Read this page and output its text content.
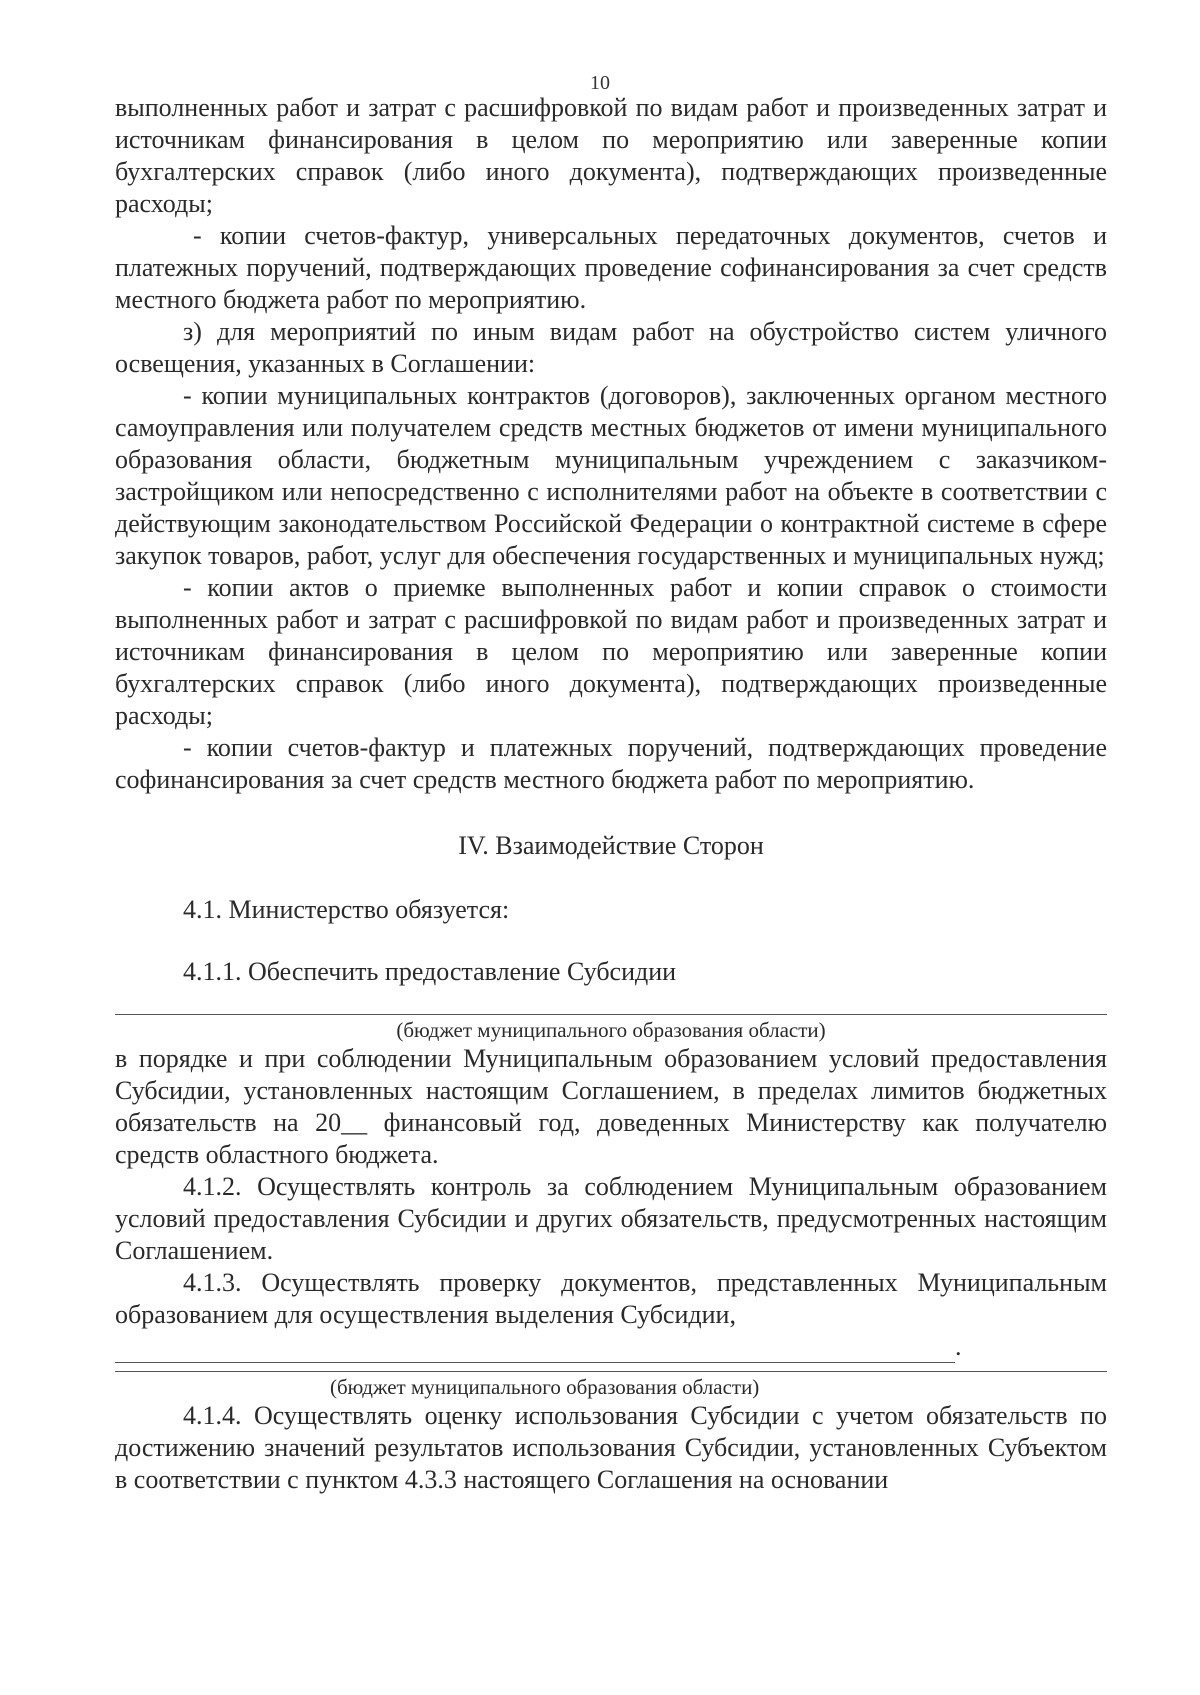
10

выполненных работ и затрат с расшифровкой по видам работ и произведенных затрат и источникам финансирования в целом по мероприятию или заверенные копии бухгалтерских справок (либо иного документа), подтверждающих произведенные расходы;

- копии счетов-фактур, универсальных передаточных документов, счетов и платежных поручений, подтверждающих проведение софинансирования за счет средств местного бюджета работ по мероприятию.

з) для мероприятий по иным видам работ на обустройство систем уличного освещения, указанных в Соглашении:

- копии муниципальных контрактов (договоров), заключенных органом местного самоуправления или получателем средств местных бюджетов от имени муниципального образования области, бюджетным муниципальным учреждением с заказчиком-застройщиком или непосредственно с исполнителями работ на объекте в соответствии с действующим законодательством Российской Федерации о контрактной системе в сфере закупок товаров, работ, услуг для обеспечения государственных и муниципальных нужд;

- копии актов о приемке выполненных работ и копии справок о стоимости выполненных работ и затрат с расшифровкой по видам работ и произведенных затрат и источникам финансирования в целом по мероприятию или заверенные копии бухгалтерских справок (либо иного документа), подтверждающих произведенные расходы;

- копии счетов-фактур и платежных поручений, подтверждающих проведение софинансирования за счет средств местного бюджета работ по мероприятию.

IV. Взаимодействие Сторон

4.1. Министерство обязуется:

4.1.1. Обеспечить предоставление Субсидии

(бюджет муниципального образования области)

в порядке и при соблюдении Муниципальным образованием условий предоставления Субсидии, установленных настоящим Соглашением, в пределах лимитов бюджетных обязательств на 20__ финансовый год, доведенных Министерству как получателю средств областного бюджета.

4.1.2. Осуществлять контроль за соблюдением Муниципальным образованием условий предоставления Субсидии и других обязательств, предусмотренных настоящим Соглашением.

4.1.3. Осуществлять проверку документов, представленных Муниципальным образованием для осуществления выделения Субсидии,

.
(бюджет муниципального образования области)

4.1.4. Осуществлять оценку использования Субсидии с учетом обязательств по достижению значений результатов использования Субсидии, установленных Субъектом в соответствии с пунктом 4.3.3 настоящего Соглашения на основании
